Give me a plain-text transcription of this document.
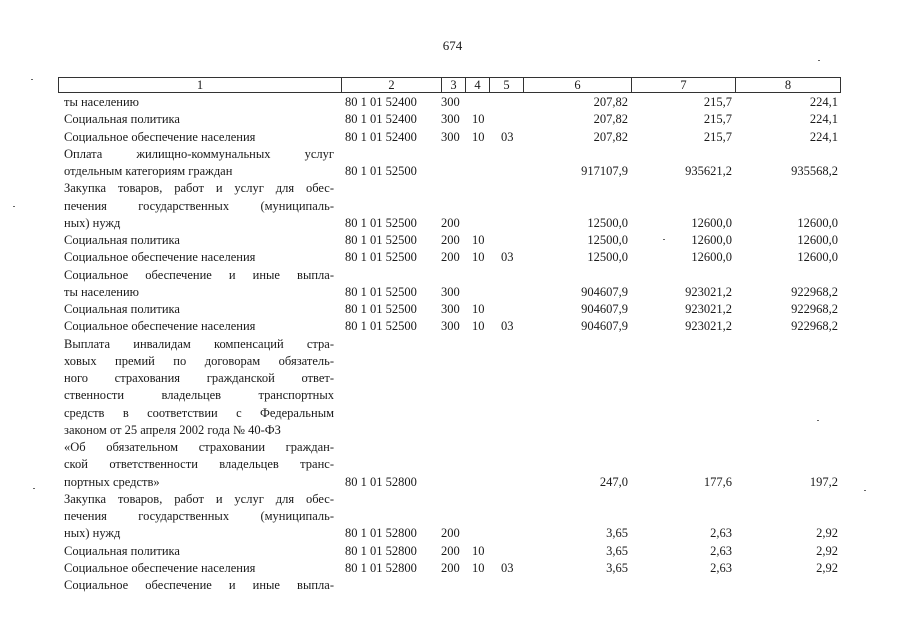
674
1	2	3	4	5	6	7	8
ты населению	80 1 01 52400 300	207,82	215,7	224,1
Социальная политика	80 1 01 52400 300 10	207,82	215,7	224,1
Социальное обеспечение населения	80 1 01 52400 300 10 03	207,82	215,7	224,1
Оплата жилищно-коммунальных услуг
отдельным категориям граждан	80 1 01 52500	917107,9	935621,2	935568,2
Закупка товаров, работ и услуг для обес-
печения государственных (муниципаль-
ных) нужд	80 1 01 52500 200	12500,0	12600,0	12600,0
Социальная политика	80 1 01 52500 200 10	12500,0	12600,0	12600,0
Социальное обеспечение населения	80 1 01 52500 200 10 03	12500,0	12600,0	12600,0
Социальное обеспечение и иные выпла-
ты населению	80 1 01 52500 300	904607,9	923021,2	922968,2
Социальная политика	80 1 01 52500 300 10	904607,9	923021,2	922968,2
Социальное обеспечение населения	80 1 01 52500 300 10 03	904607,9	923021,2	922968,2
Выплата инвалидам компенсаций стра-
ховых премий по договорам обязатель-
ного страхования гражданской ответ-
ственности владельцев транспортных
средств в соответствии с Федеральным
законом от 25 апреля 2002 года № 40-ФЗ
«Об обязательном страховании граждан-
ской ответственности владельцев транс-
портных средств»	80 1 01 52800	247,0	177,6	197,2
Закупка товаров, работ и услуг для обес-
печения государственных (муниципаль-
ных) нужд	80 1 01 52800 200	3,65	2,63	2,92
Социальная политика	80 1 01 52800 200 10	3,65	2,63	2,92
Социальное обеспечение населения	80 1 01 52800 200 10 03	3,65	2,63	2,92
Социальное обеспечение и иные выпла-
